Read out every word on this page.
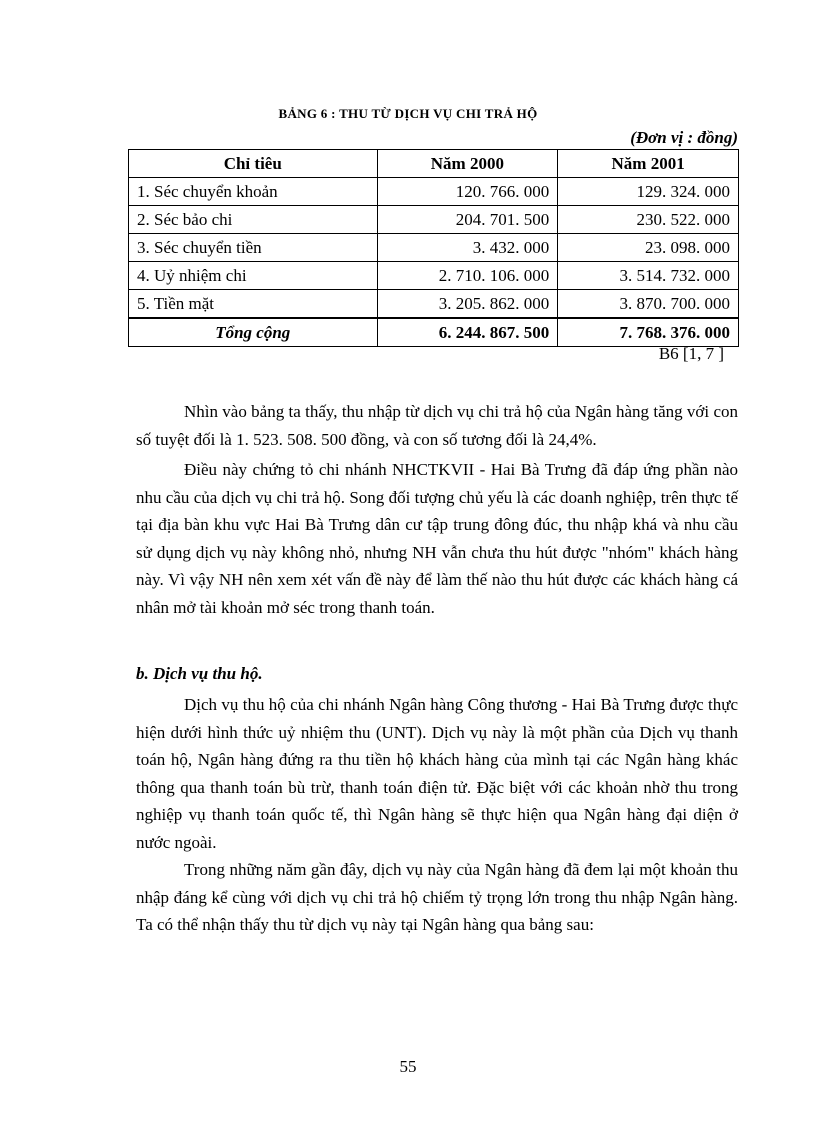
BẢNG 6 : THU TỪ DỊCH VỤ CHI TRẢ HỘ
(Đơn vị : đồng)
Chỉ tiêu	Năm 2000	Năm 2001
1. Séc chuyển khoản	120. 766. 000	129. 324. 000
2. Séc bảo chi	204. 701. 500	230. 522. 000
3. Séc chuyển tiền	3. 432. 000	23. 098. 000
4. Uỷ nhiệm chi	2. 710. 106. 000	3. 514. 732. 000
5. Tiền mặt	3. 205. 862. 000	3. 870. 700. 000
Tổng cộng	6. 244. 867. 500	7. 768. 376. 000
B6 [1, 7 ]

Nhìn vào bảng ta thấy, thu nhập từ dịch vụ chi trả hộ của Ngân hàng tăng với con số tuyệt đối là 1. 523. 508. 500 đồng, và con số tương đối là 24,4%.

Điều này chứng tỏ chi nhánh NHCTKVII - Hai Bà Trưng đã đáp ứng phần nào nhu cầu của dịch vụ chi trả hộ. Song đối tượng chủ yếu là các doanh nghiệp, trên thực tế tại địa bàn khu vực Hai Bà Trưng dân cư tập trung đông đúc, thu nhập khá và nhu cầu sử dụng dịch vụ này không nhỏ, nhưng NH vẫn chưa thu hút được "nhóm" khách hàng này. Vì vậy NH nên xem xét vấn đề này để làm thế nào thu hút được các khách hàng cá nhân mở tài khoản mở séc trong thanh toán.

b. Dịch vụ thu hộ.

Dịch vụ thu hộ của chi nhánh Ngân hàng Công thương - Hai Bà Trưng được thực hiện dưới hình thức uỷ nhiệm thu (UNT). Dịch vụ này là một phần của Dịch vụ thanh toán hộ, Ngân hàng đứng ra thu tiền hộ khách hàng của mình tại các Ngân hàng khác thông qua thanh toán bù trừ, thanh toán điện tử. Đặc biệt với các khoản nhờ thu trong nghiệp vụ thanh toán quốc tế, thì Ngân hàng sẽ thực hiện qua Ngân hàng đại diện ở nước ngoài.

Trong những năm gần đây, dịch vụ này của Ngân hàng đã đem lại một khoản thu nhập đáng kể cùng với dịch vụ chi trả hộ chiếm tỷ trọng lớn trong thu nhập Ngân hàng. Ta có thể nhận thấy thu từ dịch vụ này tại Ngân hàng qua bảng sau:

55
